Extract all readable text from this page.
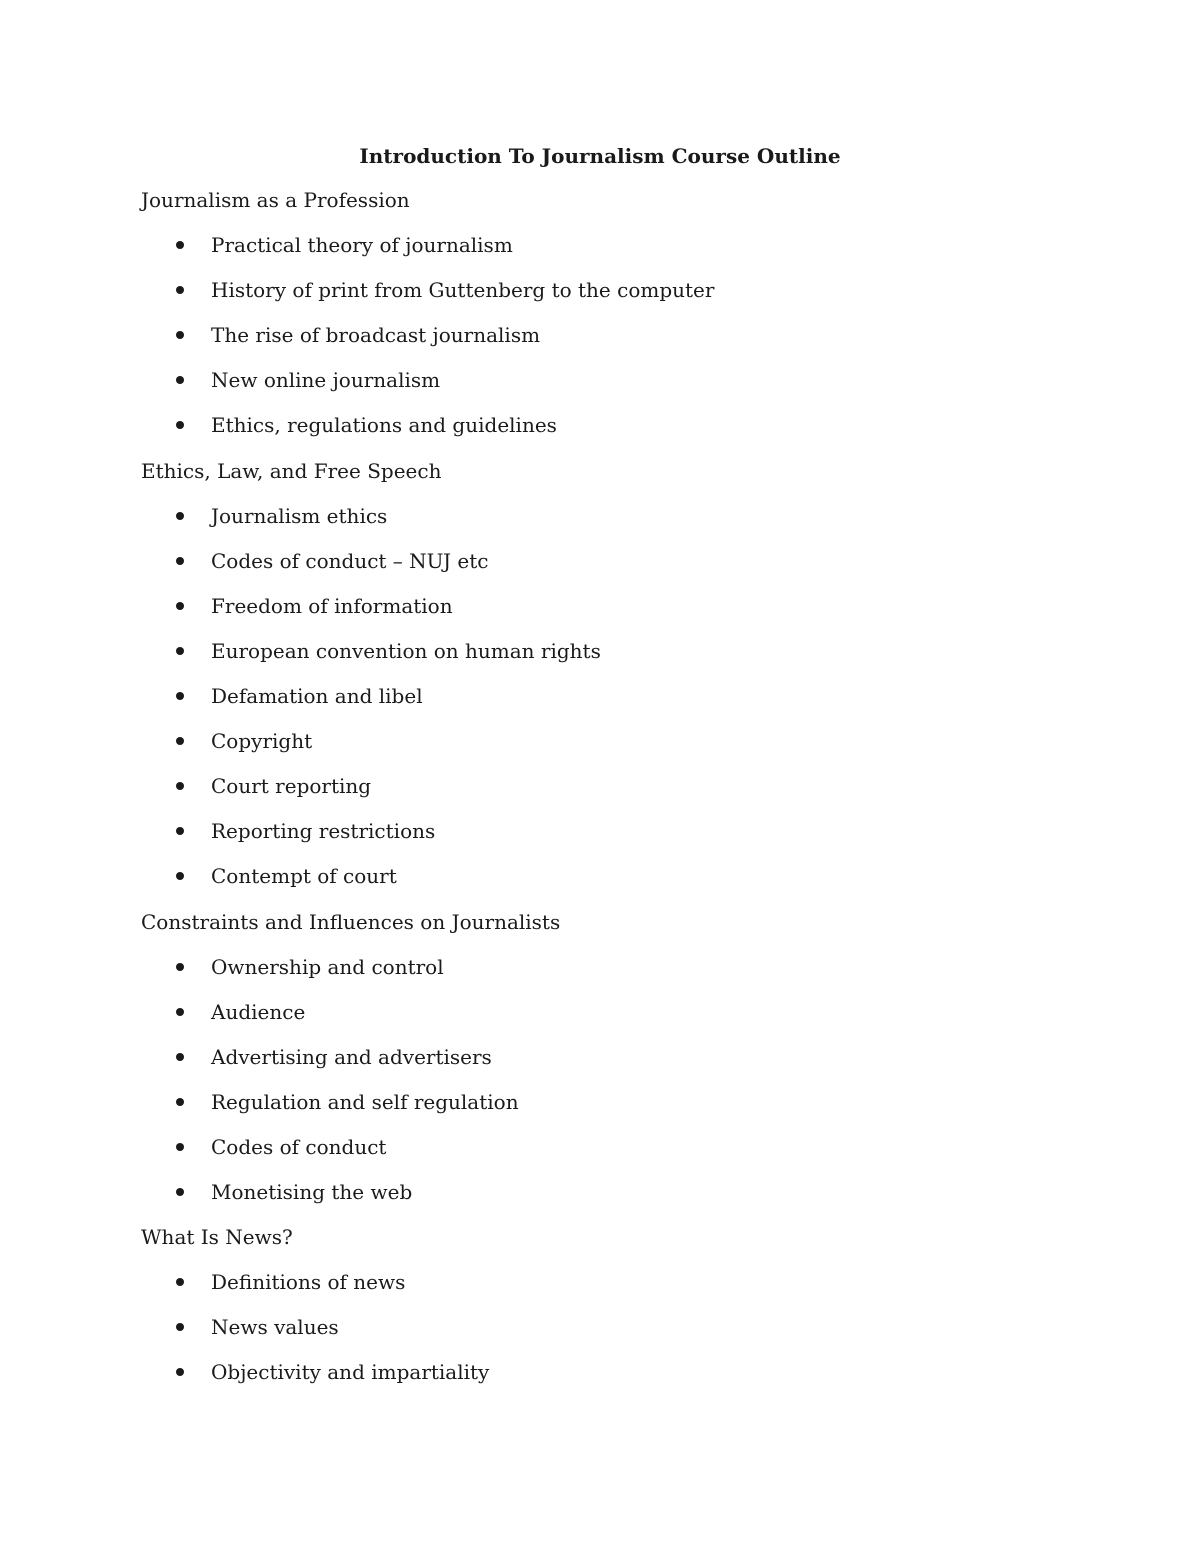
Introduction To Journalism Course Outline
Journalism as a Profession
Practical theory of journalism
History of print from Guttenberg to the computer
The rise of broadcast journalism
New online journalism
Ethics, regulations and guidelines
Ethics, Law, and Free Speech
Journalism ethics
Codes of conduct – NUJ etc
Freedom of information
European convention on human rights
Defamation and libel
Copyright
Court reporting
Reporting restrictions
Contempt of court
Constraints and Influences on Journalists
Ownership and control
Audience
Advertising and advertisers
Regulation and self regulation
Codes of conduct
Monetising the web
What Is News?
Definitions of news
News values
Objectivity and impartiality
